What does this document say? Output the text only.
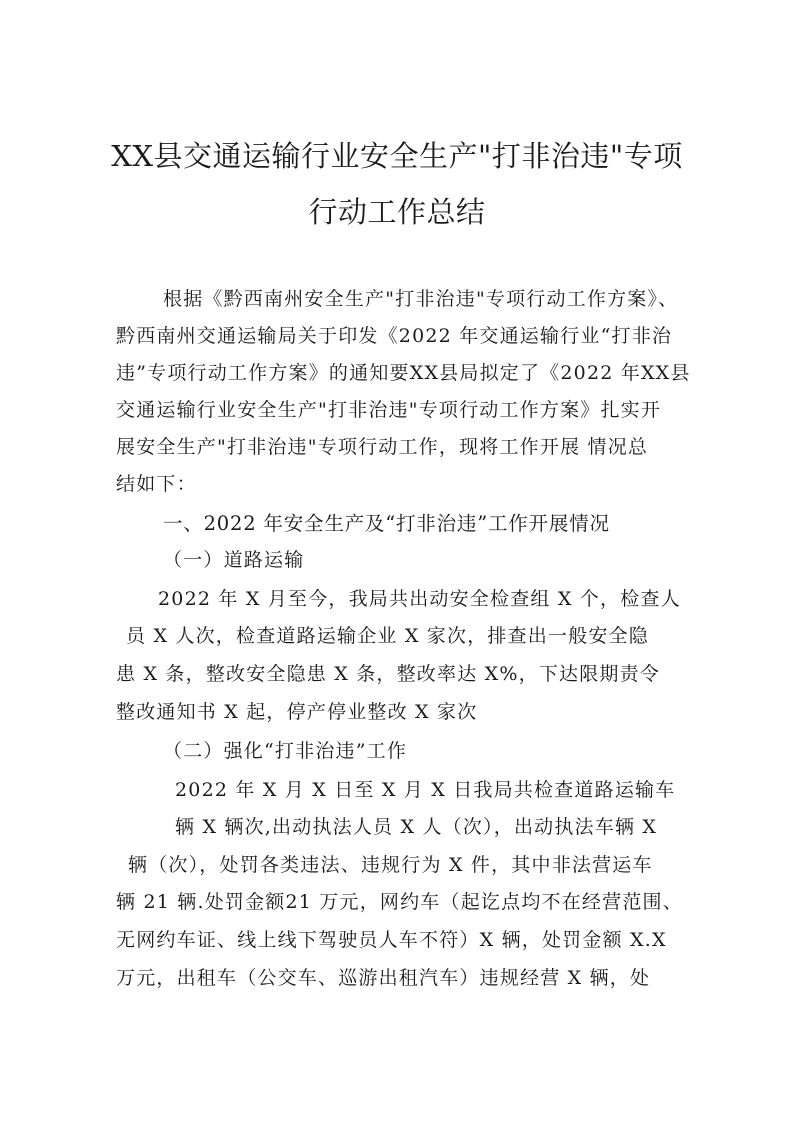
XX县交通运输行业安全生产"打非治违"专项
行动工作总结

根据《黔西南州安全生产"打非治违"专项行动工作方案》、

黔西南州交通运输局关于印发《2022 年交通运输行业“打非治

违”专项行动工作方案》的通知要XX县局拟定了《2022 年XX县

交通运输行业安全生产"打非治违"专项行动工作方案》扎实开

展安全生产"打非治违"专项行动工作，现将工作开展 情况总

结如下：

一、2022 年安全生产及“打非治违”工作开展情况

（一）道路运输

2022 年 X 月至今，我局共出动安全检查组 X 个，检查人

员 X 人次，检查道路运输企业 X 家次，排查出一般安全隐

患 X 条，整改安全隐患 X 条，整改率达 X%，下达限期责令

整改通知书 X 起，停产停业整改 X 家次

（二）强化“打非治违”工作

2022 年 X 月 X 日至 X 月 X 日我局共检查道路运输车

辆 X 辆次,出动执法人员 X 人（次），出动执法车辆 X

辆（次），处罚各类违法、违规行为 X 件，其中非法营运车

辆 21 辆.处罚金额21 万元，网约车（起讫点均不在经营范围、

无网约车证、线上线下驾驶员人车不符）X 辆，处罚金额 X.X

万元，出租车（公交车、巡游出租汽车）违规经营 X 辆，处
